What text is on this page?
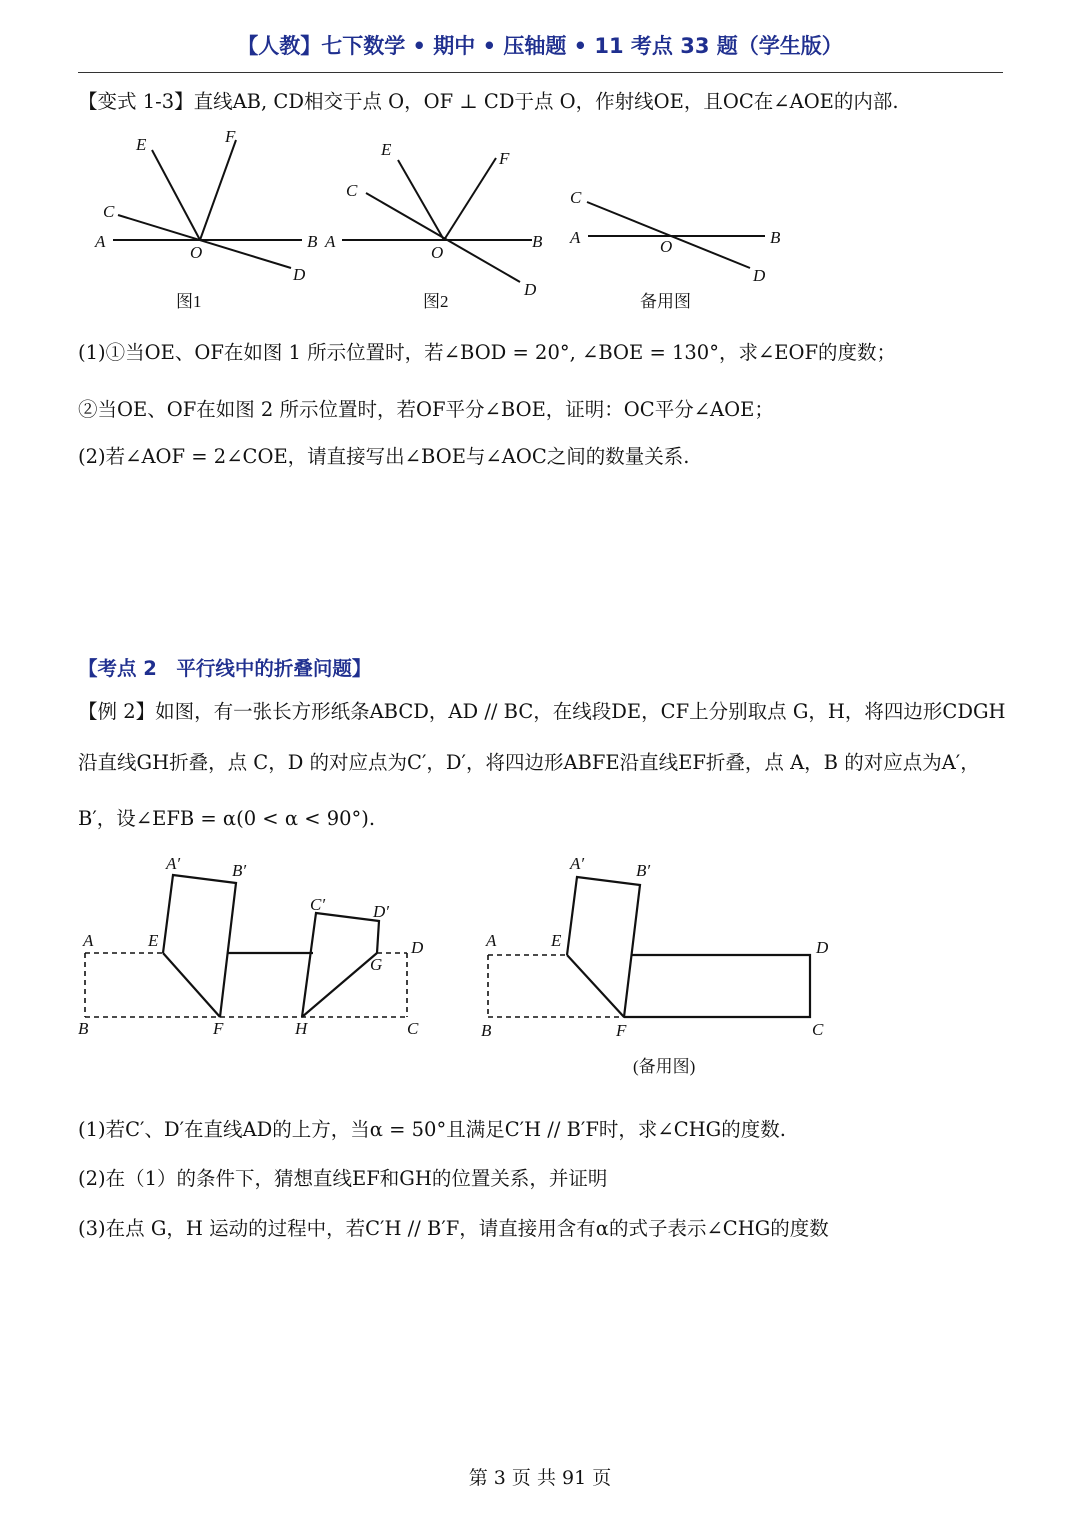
【人教】七下数学 • 期中 • 压轴题 • 11 考点 33 题（学生版）
【变式 1-3】直线AB, CD相交于点 O，OF ⊥ CD于点 O，作射线OE，且OC在∠AOE的内部.
A	B
C
D
E	F
O
图1
A	B
C
D
E	F
O
图2
A	B
C
D
O
备用图
(1)①当OE、OF在如图 1 所示位置时，若∠BOD = 20°, ∠BOE = 130°，求∠EOF的度数；
②当OE、OF在如图 2 所示位置时，若OF平分∠BOE，证明：OC平分∠AOE；
(2)若∠AOF = 2∠COE，请直接写出∠BOE与∠AOC之间的数量关系.
【考点 2　平行线中的折叠问题】
【例 2】如图，有一张长方形纸条ABCD，AD // BC，在线段DE，CF上分别取点 G，H，将四边形CDGH
沿直线GH折叠，点 C，D 的对应点为C′，D′，将四边形ABFE沿直线EF折叠，点 A，B 的对应点为A′，
B′，设∠EFB = α(0 < α < 90°).
A	E
A′	B′
C′	D′
D
G
B	F	H	C
A	E
A′	B′
D
B	F	C
(备用图)
(1)若C′、D′在直线AD的上方，当α = 50°且满足C′H // B′F时，求∠CHG的度数.
(2)在（1）的条件下，猜想直线EF和GH的位置关系，并证明
(3)在点 G，H 运动的过程中，若C′H // B′F，请直接用含有α的式子表示∠CHG的度数
第 3 页 共 91 页
